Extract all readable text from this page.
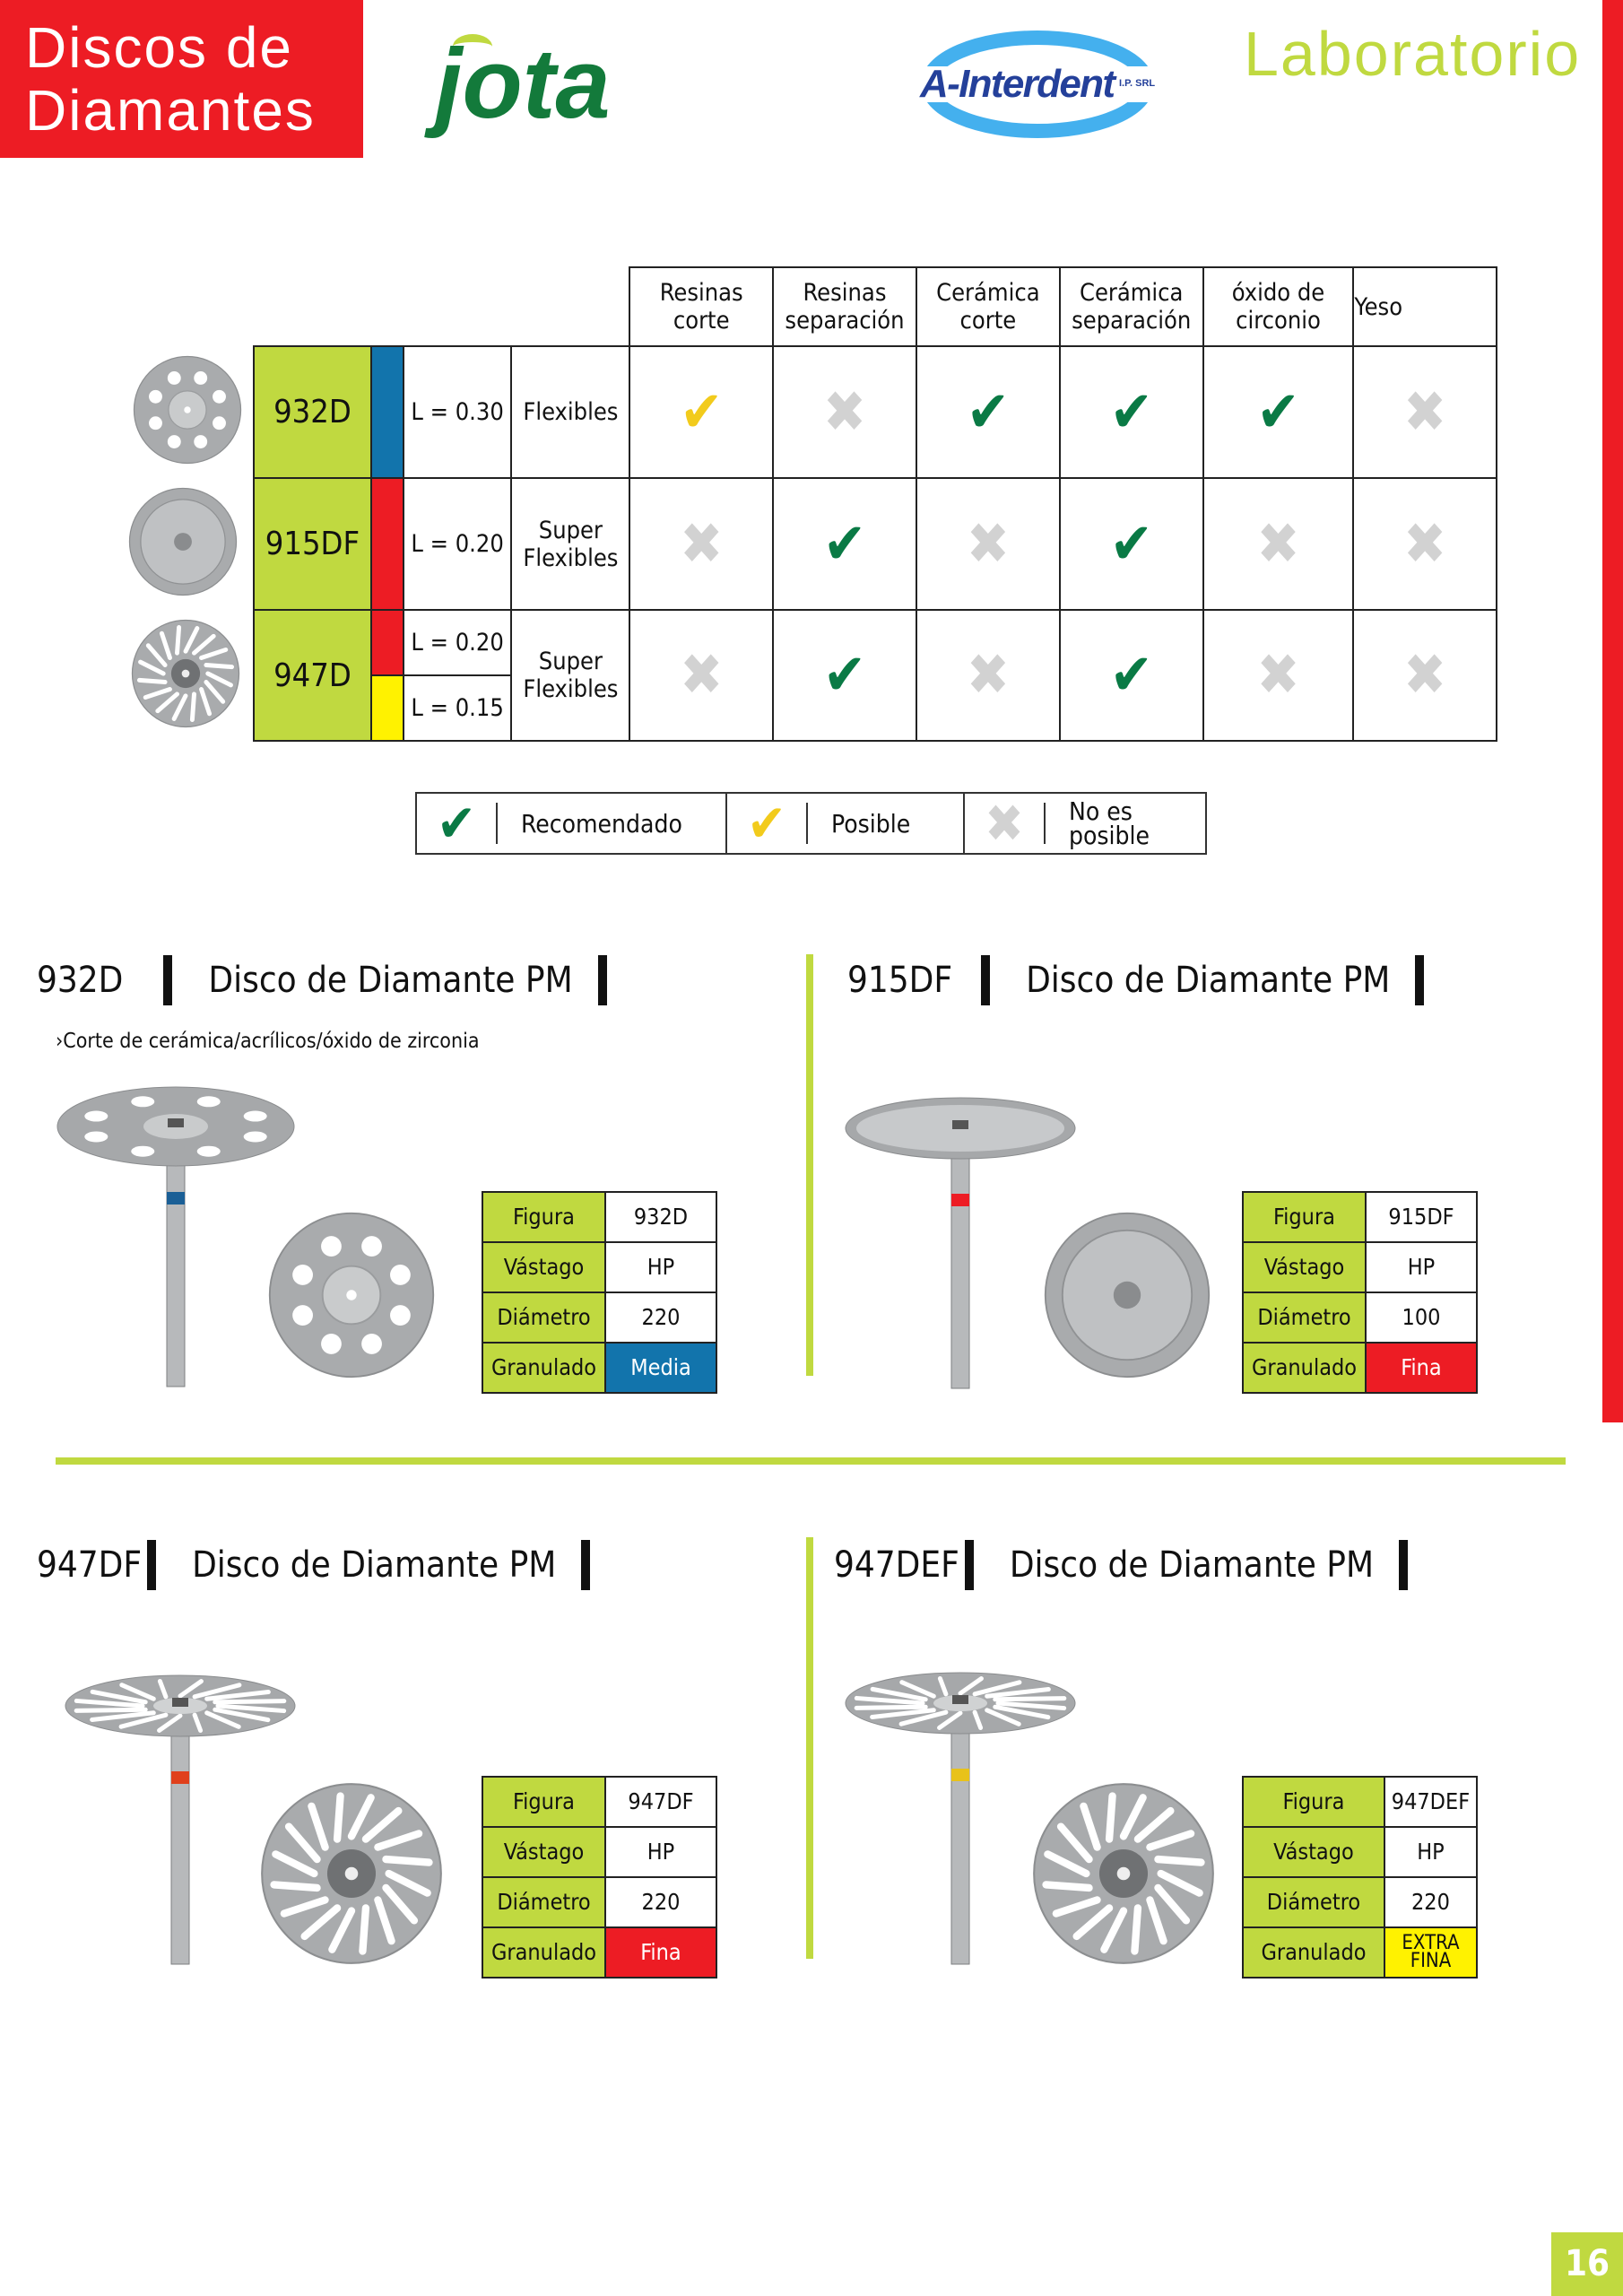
Discos de
Diamantes	jota	A-Interdent I.P. SRL Laboratorio
				Resinas corte	Resinas separación	Cerámica corte	Cerámica separación	óxido de circonio	Yeso
932D		L = 0.30	Flexibles	✔	✖	✔	✔	✔	✖
915DF		L = 0.20	Super Flexibles	✖	✔	✖	✔	✖	✖
947D		L = 0.20	Super Flexibles	✖	✔	✖	✔	✖	✖
		L = 0.15							
✔	Recomendado	✔	Posible	✖	No es posible
932D Disco de Diamante PM
›Corte de cerámica/acrílicos/óxido de zirconia
915DF Disco de Diamante PM
947DF Disco de Diamante PM	947DEF Disco de Diamante PM
Figura	932D
Vástago	HP
Diámetro	220
Granulado	Media
Figura	915DF
Vástago	HP
Diámetro	100
Granulado	Fina
Figura	947DF
Vástago	HP
Diámetro	220
Granulado	Fina
Figura	947DEF
Vástago	HP
Diámetro	220
Granulado	EXTRA FINA
16
